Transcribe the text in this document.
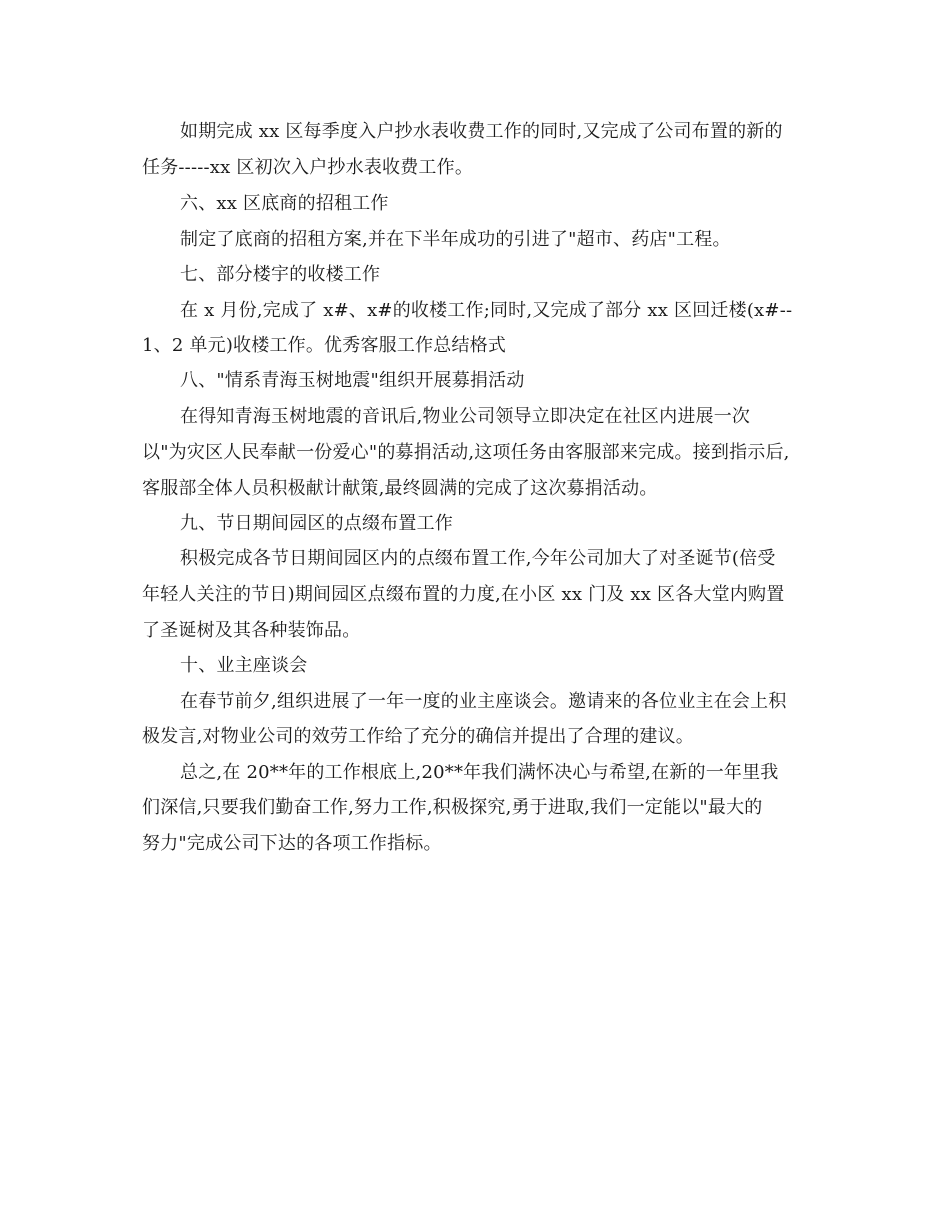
如期完成 xx 区每季度入户抄水表收费工作的同时,又完成了公司布置的新的
任务-----xx 区初次入户抄水表收费工作。
六、xx 区底商的招租工作
制定了底商的招租方案,并在下半年成功的引进了"超市、药店"工程。
七、部分楼宇的收楼工作
在 x 月份,完成了 x#、x#的收楼工作;同时,又完成了部分 xx 区回迁楼(x#--
1、2 单元)收楼工作。优秀客服工作总结格式
八、"情系青海玉树地震"组织开展募捐活动
在得知青海玉树地震的音讯后,物业公司领导立即决定在社区内进展一次
以"为灾区人民奉献一份爱心"的募捐活动,这项任务由客服部来完成。接到指示后,
客服部全体人员积极献计献策,最终圆满的完成了这次募捐活动。
九、节日期间园区的点缀布置工作
积极完成各节日期间园区内的点缀布置工作,今年公司加大了对圣诞节(倍受
年轻人关注的节日)期间园区点缀布置的力度,在小区 xx 门及 xx 区各大堂内购置
了圣诞树及其各种装饰品。
十、业主座谈会
在春节前夕,组织进展了一年一度的业主座谈会。邀请来的各位业主在会上积
极发言,对物业公司的效劳工作给了充分的确信并提出了合理的建议。
总之,在 20**年的工作根底上,20**年我们满怀决心与希望,在新的一年里我
们深信,只要我们勤奋工作,努力工作,积极探究,勇于进取,我们一定能以"最大的
努力"完成公司下达的各项工作指标。
